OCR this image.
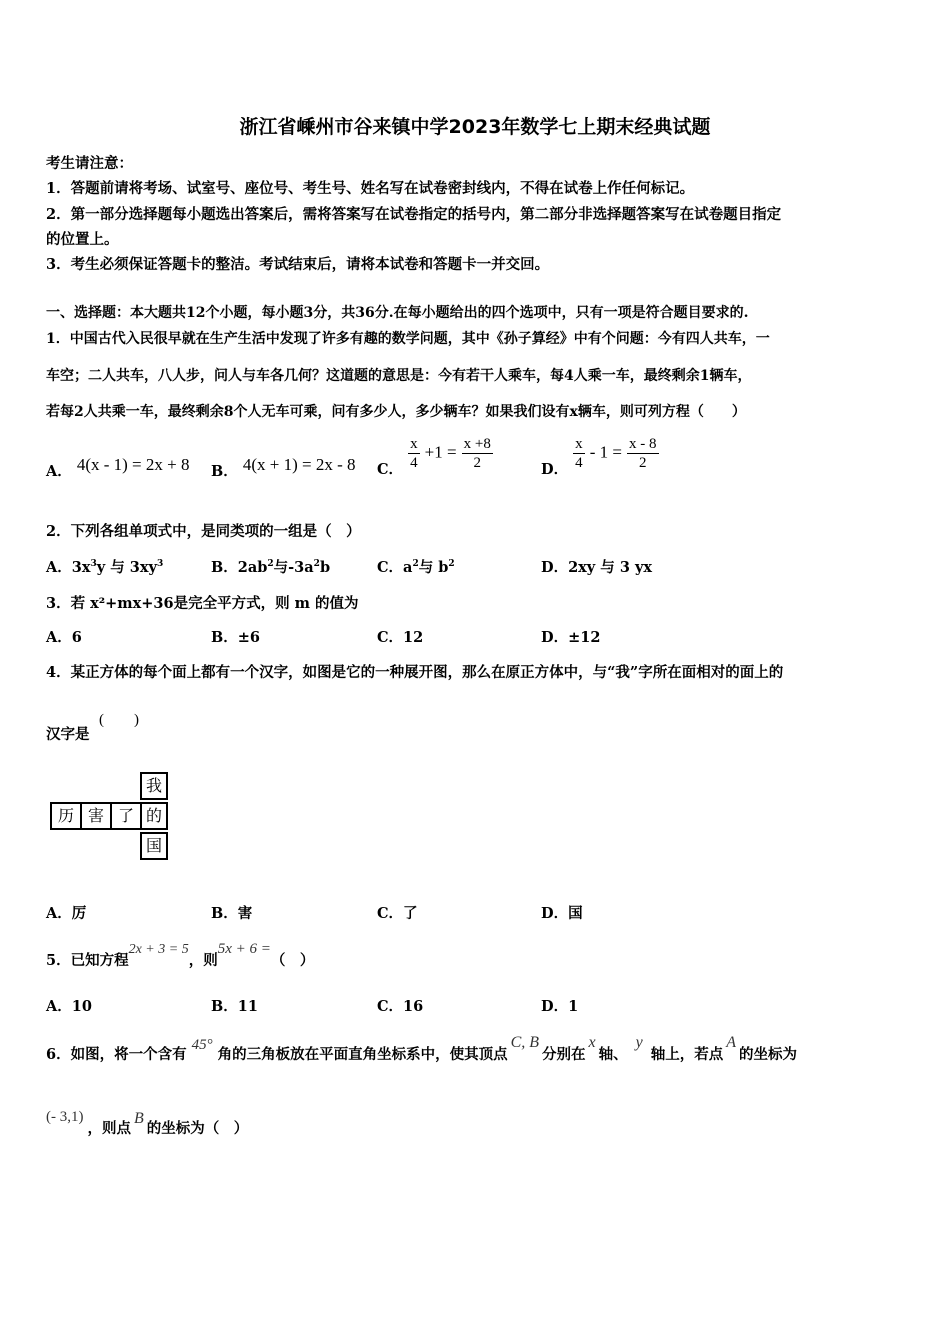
浙江省嵊州市谷来镇中学2023年数学七上期末经典试题
考生请注意：
1．答题前请将考场、试室号、座位号、考生号、姓名写在试卷密封线内，不得在试卷上作任何标记。
2．第一部分选择题每小题选出答案后，需将答案写在试卷指定的括号内，第二部分非选择题答案写在试卷题目指定
的位置上。
3．考生必须保证答题卡的整洁。考试结束后，请将本试卷和答题卡一并交回。
一、选择题：本大题共12个小题，每小题3分，共36分.在每小题给出的四个选项中，只有一项是符合题目要求的.
1．中国古代入民很早就在生产生活中发现了许多有趣的数学问题，其中《孙子算经》中有个问题：今有四人共车，一
车空；二人共车，八人步，问人与车各几何？这道题的意思是：今有若干人乘车，每4人乘一车，最终剩余1辆车，
若每2人共乘一车，最终剩余8个人无车可乘，问有多少人，多少辆车？如果我们设有x辆车，则可列方程（　　）
A． 4(x - 1) = 2x + 8 B． 4(x + 1) = 2x - 8 C． $\frac{x}{4} +1 = \frac{x +8}{2}$	D． $\frac{x}{4} - 1 = \frac{x - 8}{2}$
2．下列各组单项式中，是同类项的一组是（　）
A．$3x^3y$ 与 $3xy^3$	B．$2ab^2$与$-3a^2b$	C．$a^2$与 $b^2$	D．2xy 与 3 yx
3．若 x²+mx+36是完全平方式，则 m 的值为
A．6	B．±6	C．12	D．±12
4．某正方体的每个面上都有一个汉字，如图是它的一种展开图，那么在原正方体中，与“我”字所在面相对的面上的
汉字是
(　　)
我
历 害 了 的
国
A．厉	B．害	C．了	D．国
5．已知方程2x + 3 = 5，则5x + 6 =（　）
A．10	B．11	C．16	D．1
6．如图，将一个含有45°角的三角板放在平面直角坐标系中，使其顶点C, B分别在x轴、y轴上，若点A的坐标为
(- 3,1)，则点B的坐标为（　）
